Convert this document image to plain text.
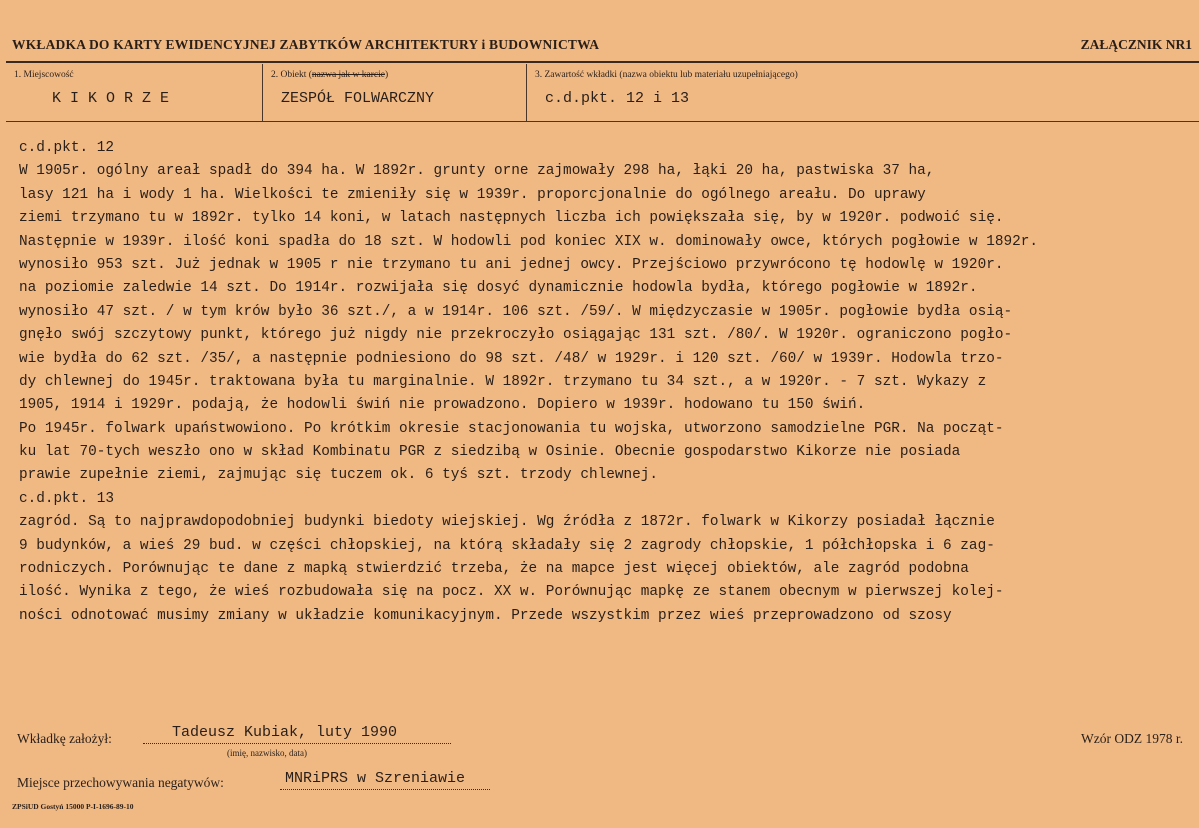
WKŁADKA DO KARTY EWIDENCYJNEJ ZABYTKÓW ARCHITEKTURY i BUDOWNICTWA	ZAŁĄCZNIK NR1
1. Miejscowość
KIKORZE
2. Obiekt (nazwa jak w karcie)
ZESPÓŁ FOLWARCZNY
3. Zawartość wkładki (nazwa obiektu lub materiału uzupełniającego)
c.d.pkt. 12 i 13
c.d.pkt. 12
W 1905r. ogólny areał spadł do 394 ha. W 1892r. grunty orne zajmowały 298 ha, łąki 20 ha, pastwiska 37 ha,
lasy 121 ha i wody 1 ha. Wielkości te zmieniły się w 1939r. proporcjonalnie do ogólnego areału. Do uprawy
ziemi trzymano tu w 1892r. tylko 14 koni, w latach następnych liczba ich powiększała się, by w 1920r. podwoić się.
Następnie w 1939r. ilość koni spadła do 18 szt. W hodowli pod koniec XIX w. dominowały owce, których pogłowie w 1892r.
wynosiło 953 szt. Już jednak w 1905 r nie trzymano tu ani jednej owcy. Przejściowo przywrócono tę hodowlę w 1920r.
na poziomie zaledwie 14 szt. Do 1914r. rozwijała się dosyć dynamicznie hodowla bydła, którego pogłowie w 1892r.
wynosiło 47 szt. / w tym krów było 36 szt./, a w 1914r. 106 szt. /59/. W międzyczasie w 1905r. pogłowie bydła osią-
gnęło swój szczytowy punkt, którego już nigdy nie przekroczyło osiągając 131 szt. /80/. W 1920r. ograniczono pogło-
wie bydła do 62 szt. /35/, a następnie podniesiono do 98 szt. /48/ w 1929r. i 120 szt. /60/ w 1939r. Hodowla trzo-
dy chlewnej do 1945r. traktowana była tu marginalnie. W 1892r. trzymano tu 34 szt., a w 1920r. - 7 szt. Wykazy z
1905, 1914 i 1929r. podają, że hodowli świń nie prowadzono. Dopiero w 1939r. hodowano tu 150 świń.
Po 1945r. folwark upaństwowiono. Po krótkim okresie stacjonowania tu wojska, utworzono samodzielne PGR. Na począt-
ku lat 70-tych weszło ono w skład Kombinatu PGR z siedzibą w Osinie. Obecnie gospodarstwo Kikorze nie posiada
prawie zupełnie ziemi, zajmując się tuczem ok. 6 tyś szt. trzody chlewnej.
c.d.pkt. 13
zagród. Są to najprawdopodobniej budynki biedoty wiejskiej. Wg źródła z 1872r. folwark w Kikorzy posiadał łącznie
9 budynków, a wieś 29 bud. w części chłopskiej, na którą składały się 2 zagrody chłopskie, 1 półchłopska i 6 zag-
rodniczych. Porównując te dane z mapką stwierdzić trzeba, że na mapce jest więcej obiektów, ale zagród podobna
ilość. Wynika z tego, że wieś rozbudowała się na pocz. XX w. Porównując mapkę ze stanem obecnym w pierwszej kolej-
ności odnotować musimy zmiany w układzie komunikacyjnym. Przede wszystkim przez wieś przeprowadzono od szosy
Wkładkę założył:	Tadeusz Kubiak, luty 1990
(imię, nazwisko, data)
Wzór ODZ 1978 r.
Miejsce przechowywania negatywów:	MNRiPRS w Szreniawie
ZPSiUD Gostyń 15000 P-I-1696-89-10
